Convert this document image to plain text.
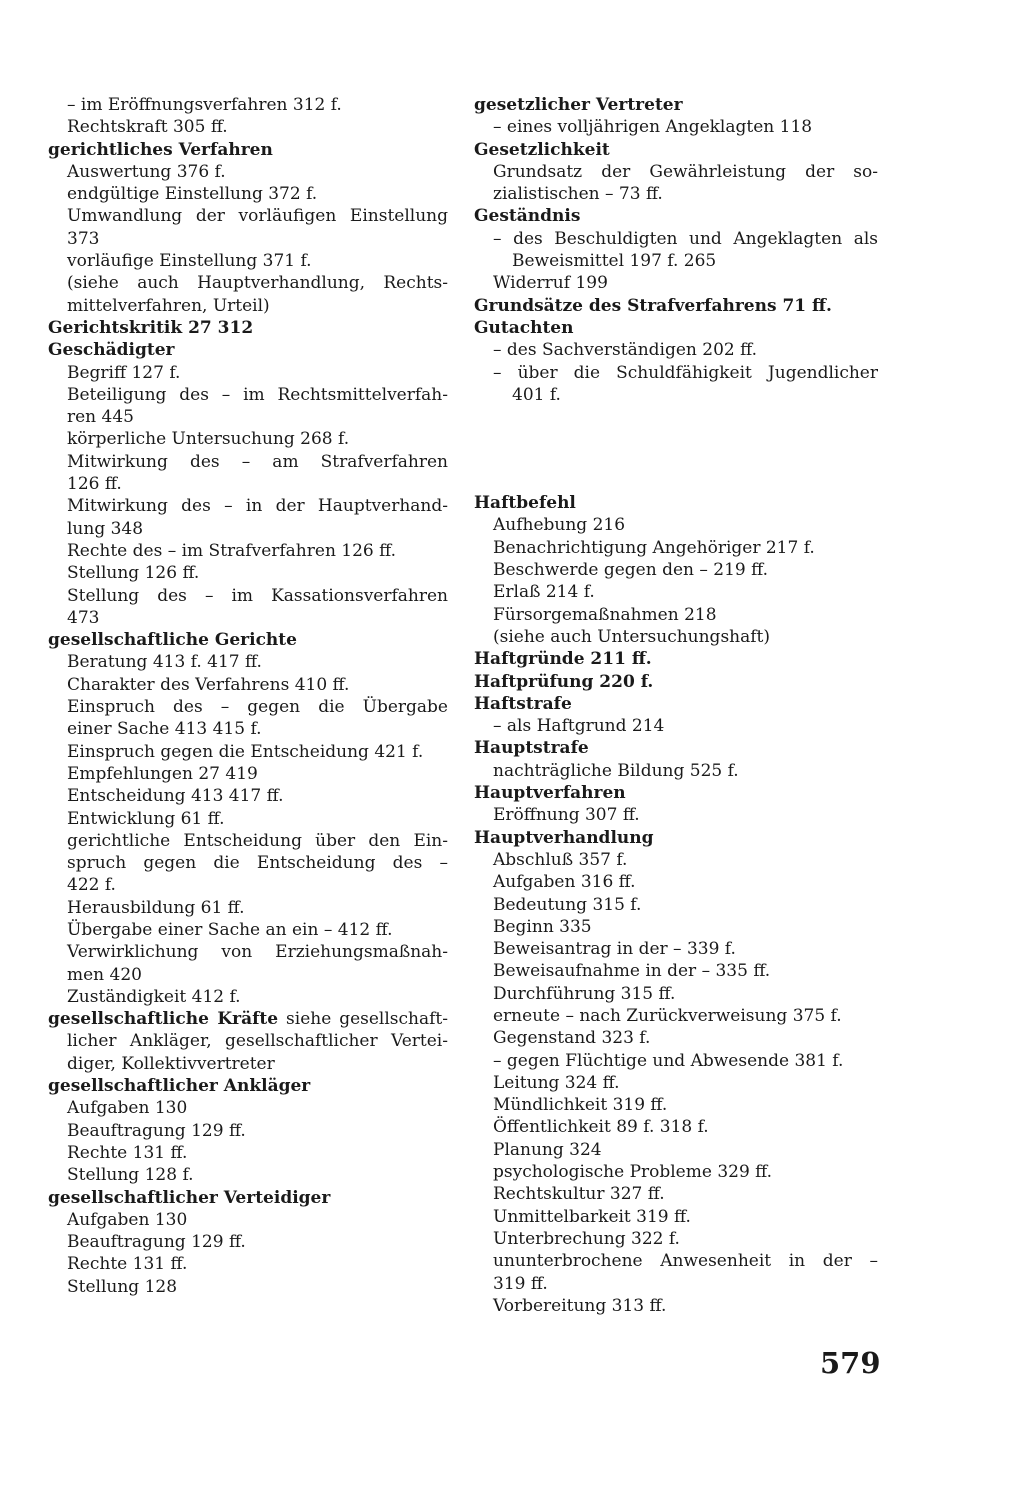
– im Eröffnungsverfahren 312 f.
Rechtskraft 305 ff.
gerichtliches Verfahren
Auswertung 376 f.
endgültige Einstellung 372 f.
Umwandlung der vorläufigen Einstellung
373
vorläufige Einstellung 371 f.
(siehe auch Hauptverhandlung, Rechts-
mittelverfahren, Urteil)
Gerichtskritik 27 312
Geschädigter
Begriff 127 f.
Beteiligung des – im Rechtsmittelverfah-
ren 445
körperliche Untersuchung 268 f.
Mitwirkung des – am Strafverfahren
126 ff.
Mitwirkung des – in der Hauptverhand-
lung 348
Rechte des – im Strafverfahren 126 ff.
Stellung 126 ff.
Stellung des – im Kassationsverfahren
473
gesellschaftliche Gerichte
Beratung 413 f. 417 ff.
Charakter des Verfahrens 410 ff.
Einspruch des – gegen die Übergabe
einer Sache 413 415 f.
Einspruch gegen die Entscheidung 421 f.
Empfehlungen 27 419
Entscheidung 413 417 ff.
Entwicklung 61 ff.
gerichtliche Entscheidung über den Ein-
spruch gegen die Entscheidung des –
422 f.
Herausbildung 61 ff.
Übergabe einer Sache an ein – 412 ff.
Verwirklichung von Erziehungsmaßnah-
men 420
Zuständigkeit 412 f.
gesellschaftliche Kräfte siehe gesellschaft-
licher Ankläger, gesellschaftlicher Vertei-
diger, Kollektivvertreter
gesellschaftlicher Ankläger
Aufgaben 130
Beauftragung 129 ff.
Rechte 131 ff.
Stellung 128 f.
gesellschaftlicher Verteidiger
Aufgaben 130
Beauftragung 129 ff.
Rechte 131 ff.
Stellung 128
gesetzlicher Vertreter
– eines volljährigen Angeklagten 118
Gesetzlichkeit
Grundsatz der Gewährleistung der so-
zialistischen – 73 ff.
Geständnis
– des Beschuldigten und Angeklagten als
Beweismittel 197 f. 265
Widerruf 199
Grundsätze des Strafverfahrens 71 ff.
Gutachten
– des Sachverständigen 202 ff.
– über die Schuldfähigkeit Jugendlicher
401 f.
Haftbefehl
Aufhebung 216
Benachrichtigung Angehöriger 217 f.
Beschwerde gegen den – 219 ff.
Erlaß 214 f.
Fürsorgemaßnahmen 218
(siehe auch Untersuchungshaft)
Haftgründe 211 ff.
Haftprüfung 220 f.
Haftstrafe
– als Haftgrund 214
Hauptstrafe
nachträgliche Bildung 525 f.
Hauptverfahren
Eröffnung 307 ff.
Hauptverhandlung
Abschluß 357 f.
Aufgaben 316 ff.
Bedeutung 315 f.
Beginn 335
Beweisantrag in der – 339 f.
Beweisaufnahme in der – 335 ff.
Durchführung 315 ff.
erneute – nach Zurückverweisung 375 f.
Gegenstand 323 f.
– gegen Flüchtige und Abwesende 381 f.
Leitung 324 ff.
Mündlichkeit 319 ff.
Öffentlichkeit 89 f. 318 f.
Planung 324
psychologische Probleme 329 ff.
Rechtskultur 327 ff.
Unmittelbarkeit 319 ff.
Unterbrechung 322 f.
ununterbrochene Anwesenheit in der –
319 ff.
Vorbereitung 313 ff.
579
